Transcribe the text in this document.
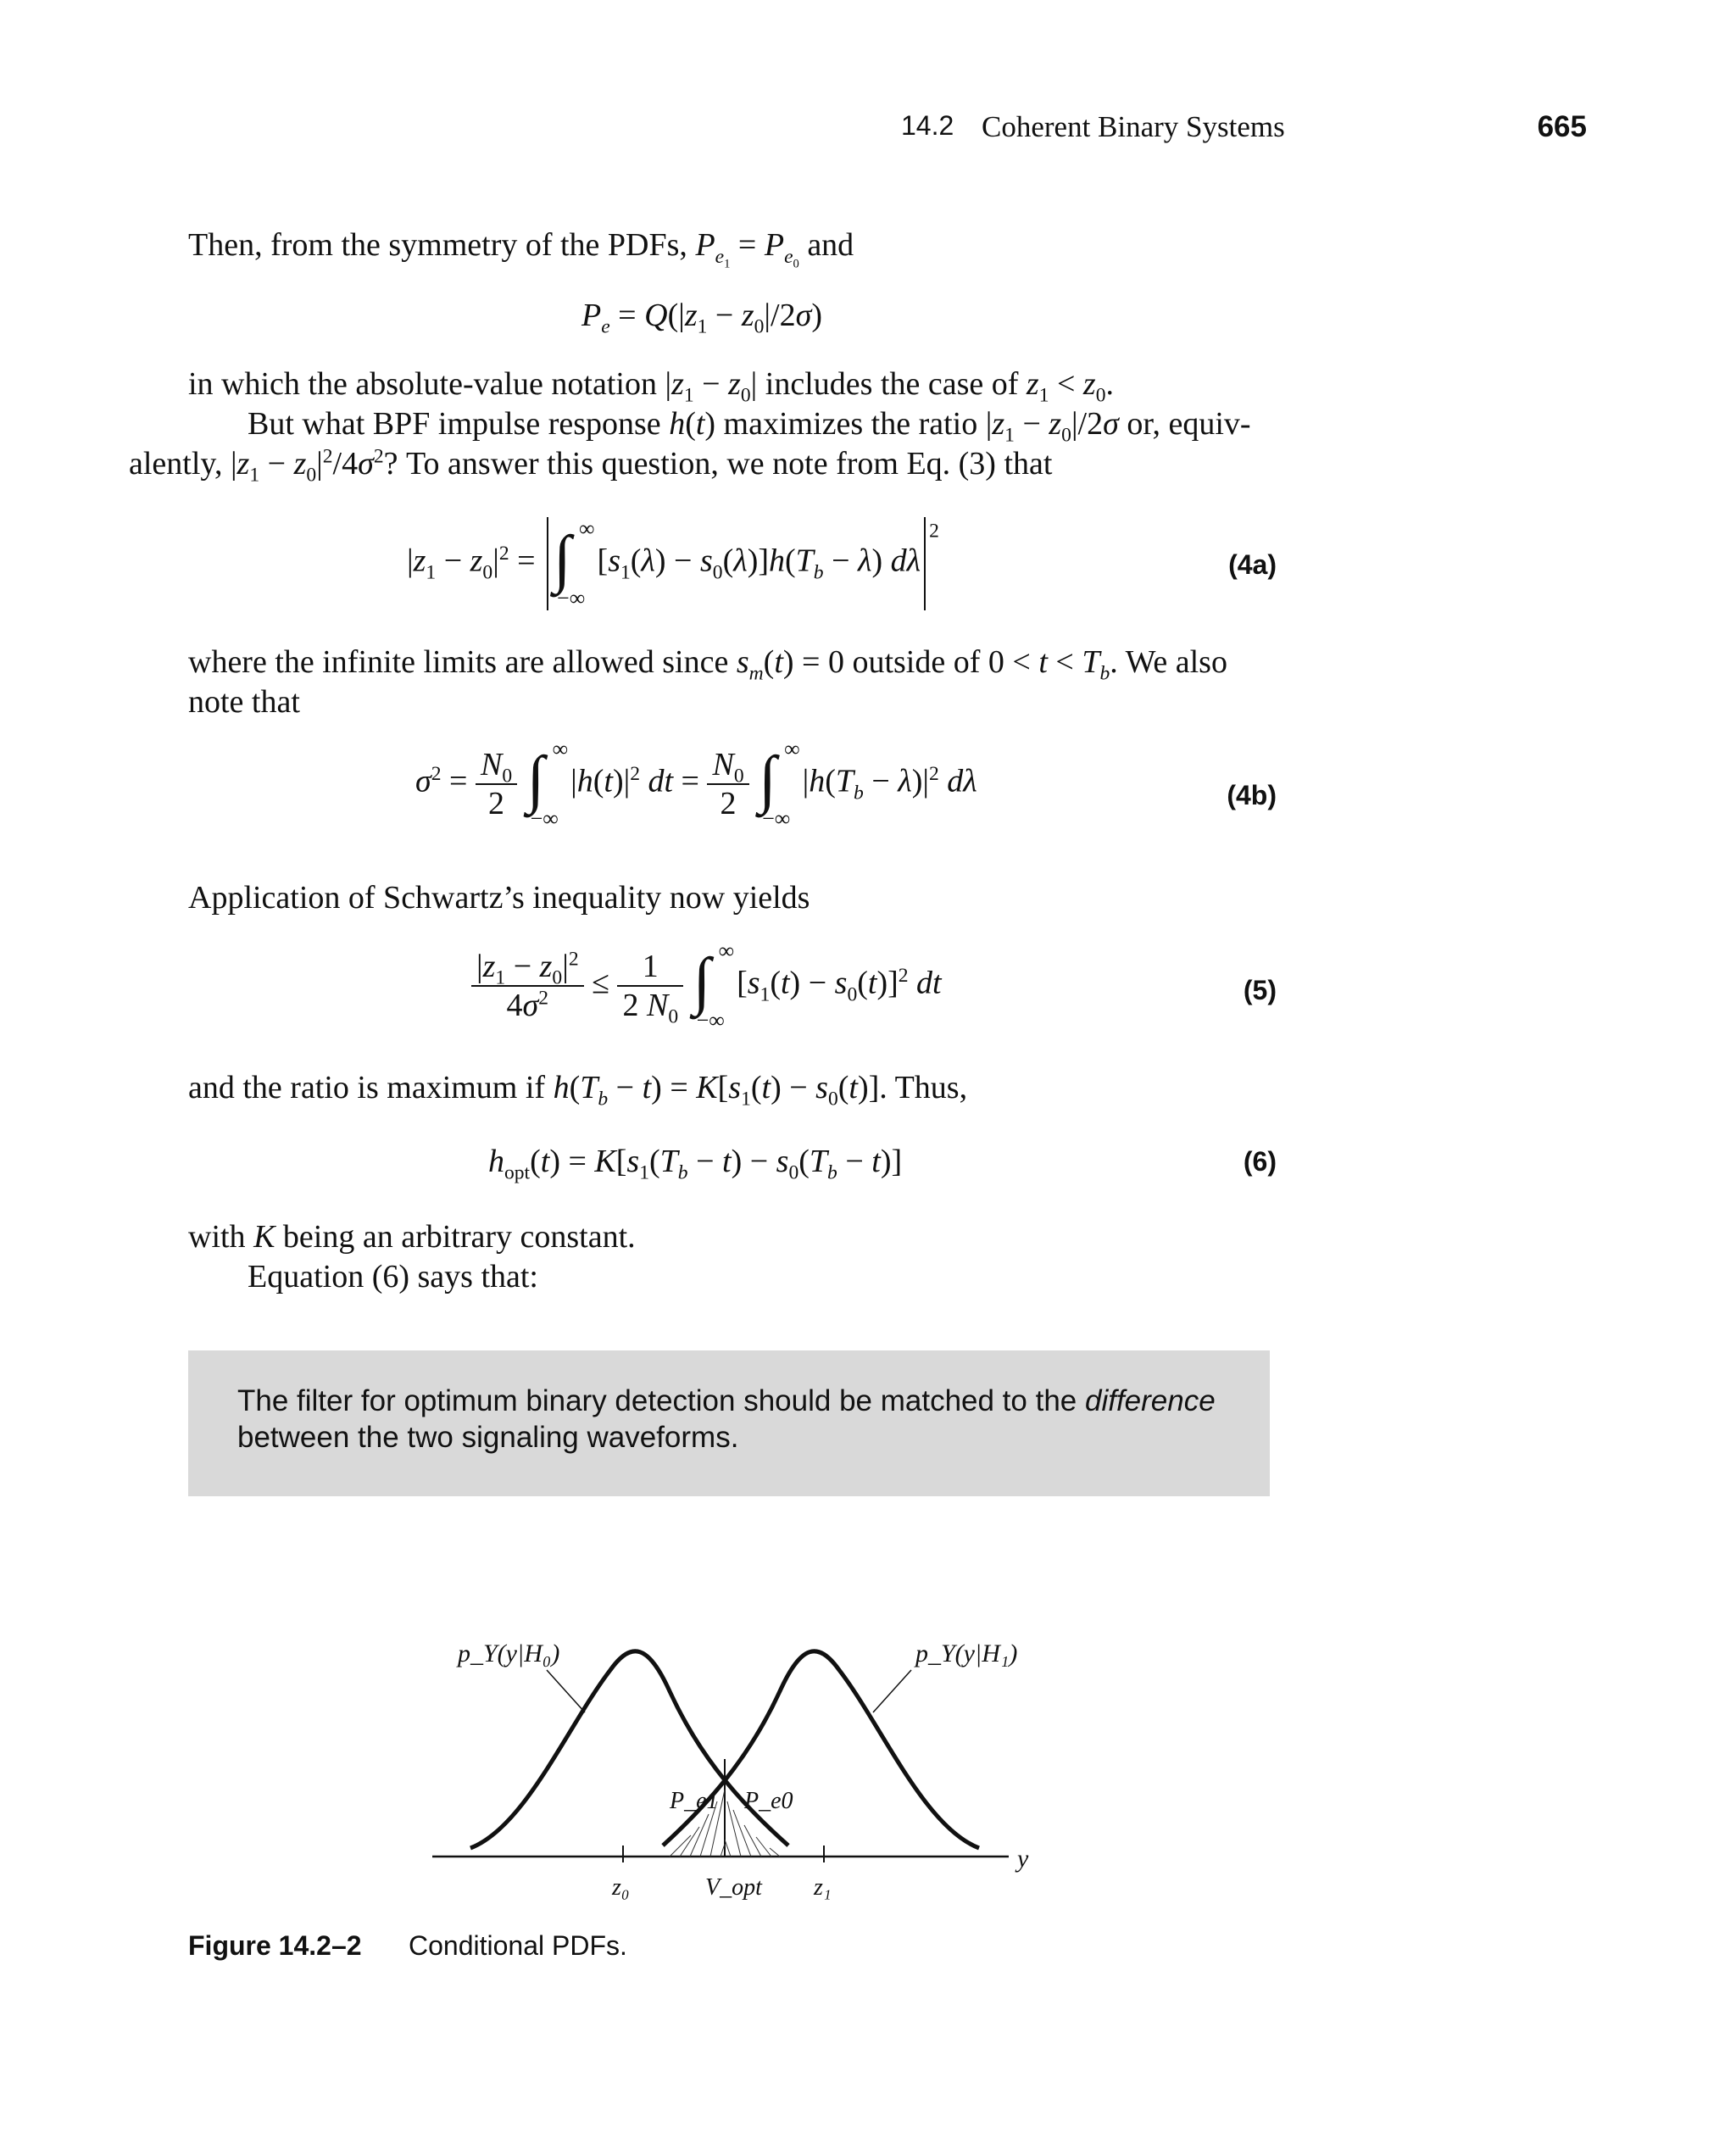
14.2 Coherent Binary Systems	665

Then, from the symmetry of the PDFs, $P_{e_1} = P_{e_0}$ and

$P_e = Q(|z_1 - z_0|/2\sigma)$

in which the absolute-value notation $|z_1 - z_0|$ includes the case of $z_1 < z_0$.

But what BPF impulse response h(t) maximizes the ratio $|z_1 - z_0|/2\sigma$ or, equiv-
alently, $|z_1 - z_0|^2/4\sigma^2$? To answer this question, we note from Eq. (3) that

$|z_1 - z_0|^2$ = ∫ ∞
−∞
$[s_1(\lambda) - s_0(\lambda)]h(T_b - \lambda)$ $d\lambda^2$
(4a)

where the infinite limits are allowed since $s_m(t) = 0$ outside of $0 < t < T_b$. We also
note that

$\sigma^2 = \frac{N_0}{2}$
∫ ∞
−∞
$|h(t)|^2$ dt = $\frac{N_0}{2}$
∫ ∞
−∞
$|h(T_b - \lambda)|^2$ dλ	(4b)

Application of Schwartz’s inequality now yields

$\frac{|z_1 - z_0|^2}{4\sigma^2} \le \frac{1}{2 N_0}$
∫ ∞
−∞
$[s_1(t) - s_0(t)]^2$ dt	(5)

and the ratio is maximum if $h(T_b - t) = K[s_1(t) - s_0(t)]$. Thus,

$h_{opt}(t) = K[s_1(T_b - t) - s_0(T_b - t)]$	(6)

with K being an arbitrary constant.

Equation (6) says that:

The filter for optimum binary detection should be matched to the difference between the two signaling waveforms.
p_Y(y|H₀)	p_Y(y|H₁)
P_e1 P_e0
y
z₀	V_opt z₁
Figure 14.2–2 Conditional PDFs.
